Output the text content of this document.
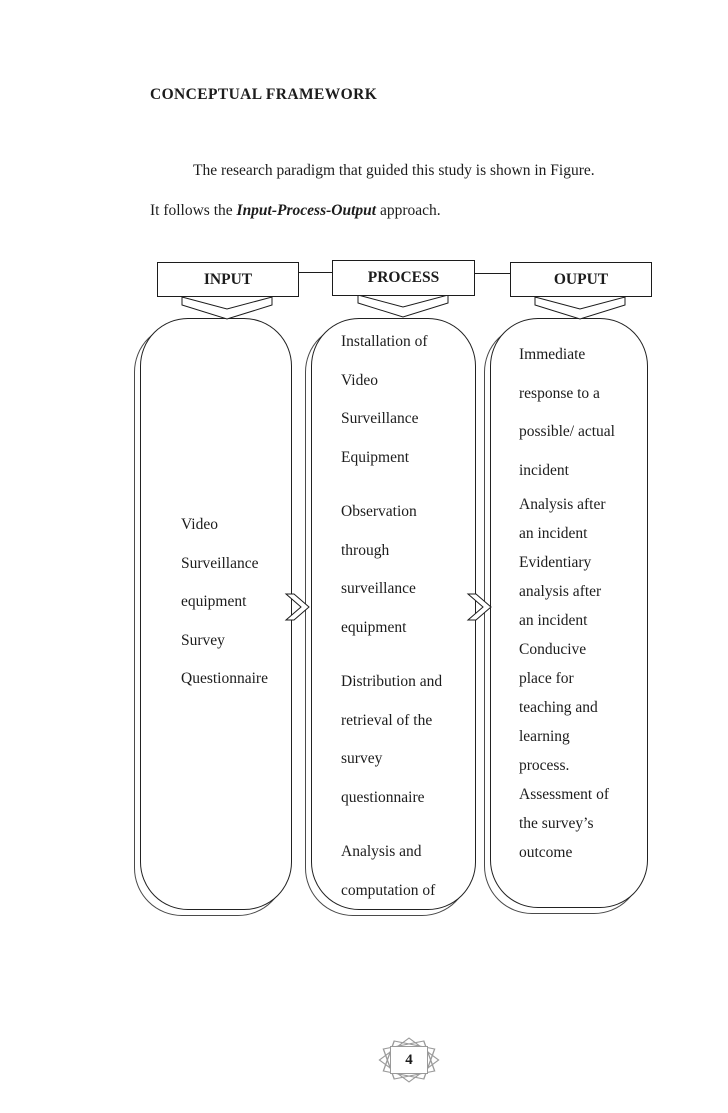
CONCEPTUAL FRAMEWORK

The research paradigm that guided this study is shown in Figure.

It follows the Input-Process-Output approach.

INPUT	PROCESS	OUPUT
Video
Surveillance
equipment
Survey
Questionnaire

Installation of
Video
Surveillance
Equipment

Observation
through
surveillance
equipment

Distribution and
retrieval of the
survey
questionnaire

Analysis and
computation of

Immediate
response to a
possible/ actual
incident
Analysis after
an incident
Evidentiary
analysis after
an incident
Conducive
place for
teaching and
learning
process.
Assessment of
the survey’s
outcome
4
